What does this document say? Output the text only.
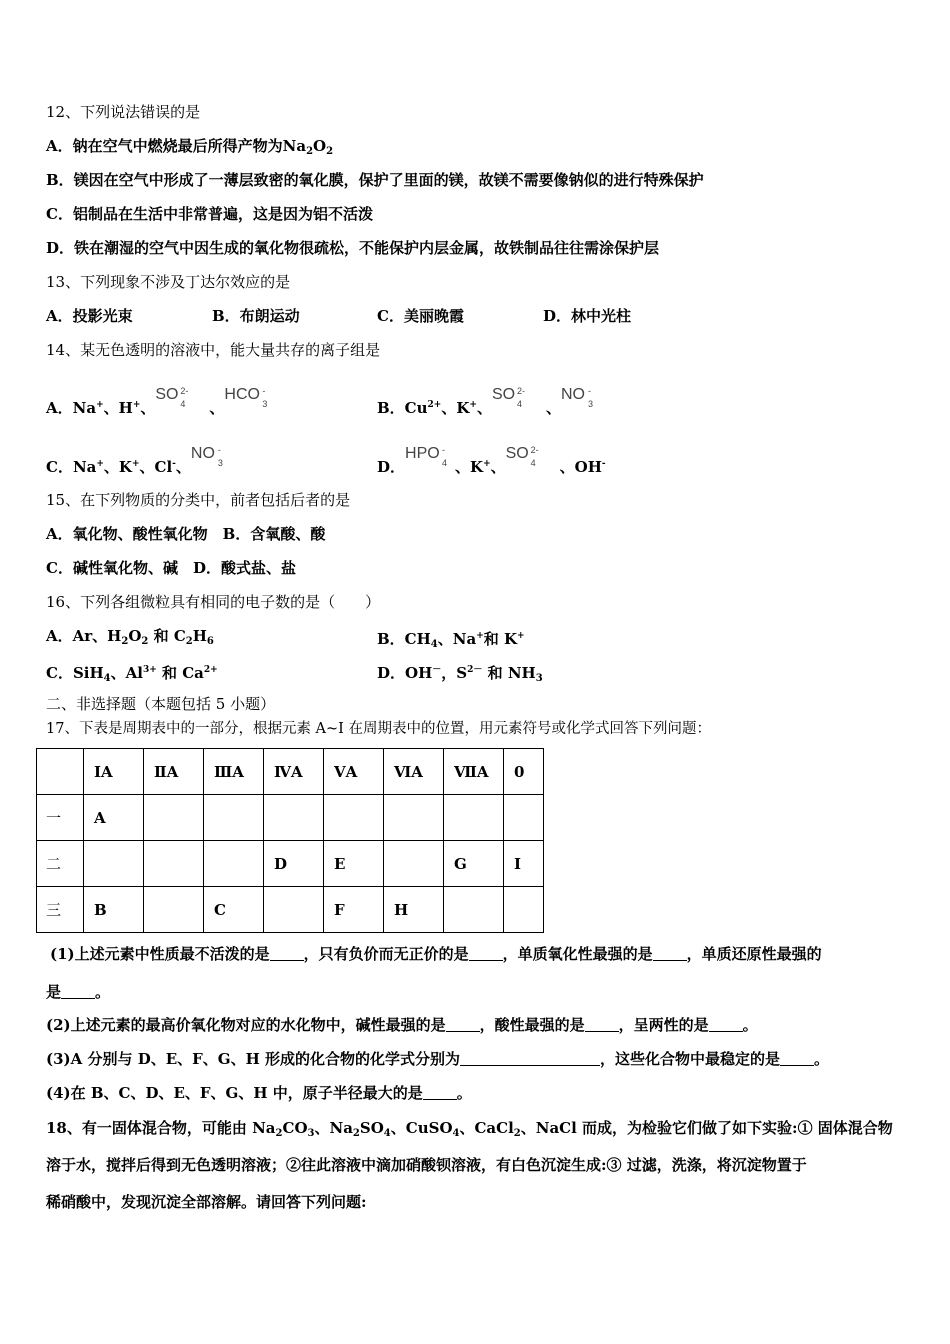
12、下列说法错误的是
A．钠在空气中燃烧最后所得产物为$Na_2O_2$
B．镁因在空气中形成了一薄层致密的氧化膜，保护了里面的镁，故镁不需要像钠似的进行特殊保护
C．铝制品在生活中非常普遍，这是因为铝不活泼
D．铁在潮湿的空气中因生成的氧化物很疏松，不能保护内层金属，故铁制品往往需涂保护层
13、下列现象不涉及丁达尔效应的是
A．投影光束	B．布朗运动	C．美丽晚霞	D．林中光柱
14、某无色透明的溶液中，能大量共存的离子组是
A．Na+、H+、
SO 2-
4 、
HCO -
3	B．$Cu^{2+}$、K+、
SO 2-
4 、
NO -
3
C．Na+、K+、Cl-、
NO -
3	D．
HPO -
4 、K+、
SO 2-
4 、OH-
15、在下列物质的分类中，前者包括后者的是
A．氧化物、酸性氧化物　B．含氧酸、酸
C．碱性氧化物、碱　D．酸式盐、盐
16、下列各组微粒具有相同的电子数的是（　　）
A．Ar、$H_2O_2$ 和 $C_2H_6$	B．$CH_4$、Na+和 K+
C．SiH$_4$、$Al^{3+}$ 和 $Ca^{2+}$	D．OH－，$S^{2-}$ 和 $NH_3$
二、非选择题（本题包括 5 小题）
17、下表是周期表中的一部分，根据元素 A~I 在周期表中的位置，用元素符号或化学式回答下列问题：
	ⅠA	ⅡA	ⅢA	ⅣA	ⅤA	ⅥA	ⅦA	0
一	A							
二				D	E		G	I
三	B		C		F	H		
(1)上述元素中性质最不活泼的是 ，只有负价而无正价的是 ，单质氧化性最强的是 ，单质还原性最强的
是 。
(2)上述元素的最高价氧化物对应的水化物中，碱性最强的是 ，酸性最强的是 ，呈两性的是 。
(3)A 分别与 D、E、F、G、H 形成的化合物的化学式分别为	，这些化合物中最稳定的是 。
(4)在 B、C、D、E、F、G、H 中，原子半径最大的是 。
18、有一固体混合物，可能由 $Na_2CO_3$、$Na_2SO_4$、CuSO$_4$、CaCl$_2$、NaCl 而成，为检验它们做了如下实验:① 固体混合物
溶于水，搅拌后得到无色透明溶液；②往此溶液中滴加硝酸钡溶液，有白色沉淀生成:③ 过滤，洗涤，将沉淀物置于
稀硝酸中，发现沉淀全部溶解。请回答下列问题:
